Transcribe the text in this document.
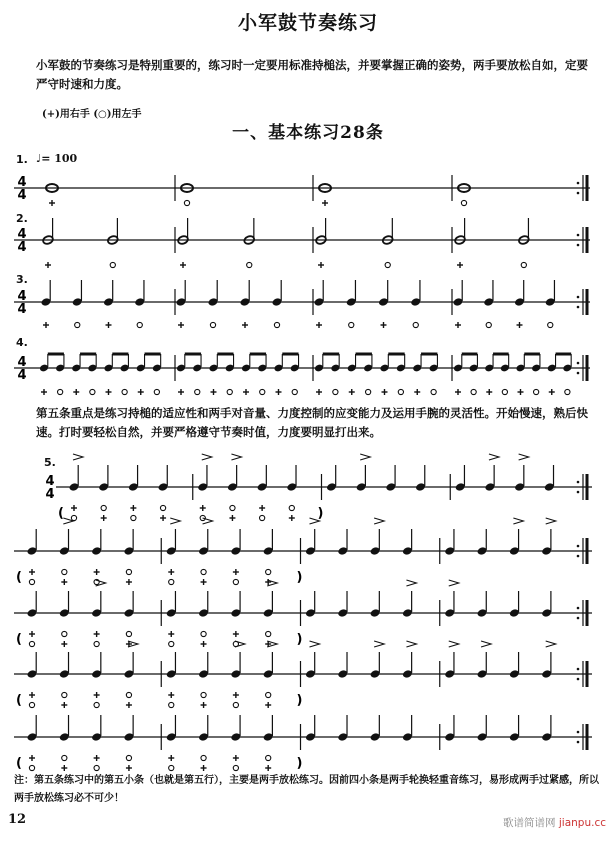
小军鼓节奏练习
小军鼓的节奏练习是特别重要的，练习时一定要用标准持槌法，并要掌握正确的姿势，两手要放松自如，定要严守时速和力度。
(+)用右手 (○)用左手
一、基本练习28条
1. ♩= 100
2.
3.
4.
5.
第五条重点是练习持槌的适应性和两手对音量、力度控制的应变能力及运用手腕的灵活性。开始慢速，熟后快速。打时要轻松自然，并要严格遵守节奏时值，力度要明显打出来。
4
4
4
4
4
4
4
4
4
4
(	)
(	)
(	)
(	)
(	)
注：第五条练习中的第五小条（也就是第五行），主要是两手放松练习。因前四小条是两手轮换轻重音练习，易形成两手过紧感，所以两手放松练习必不可少！
12	歌谱简谱网 jianpu.cc
